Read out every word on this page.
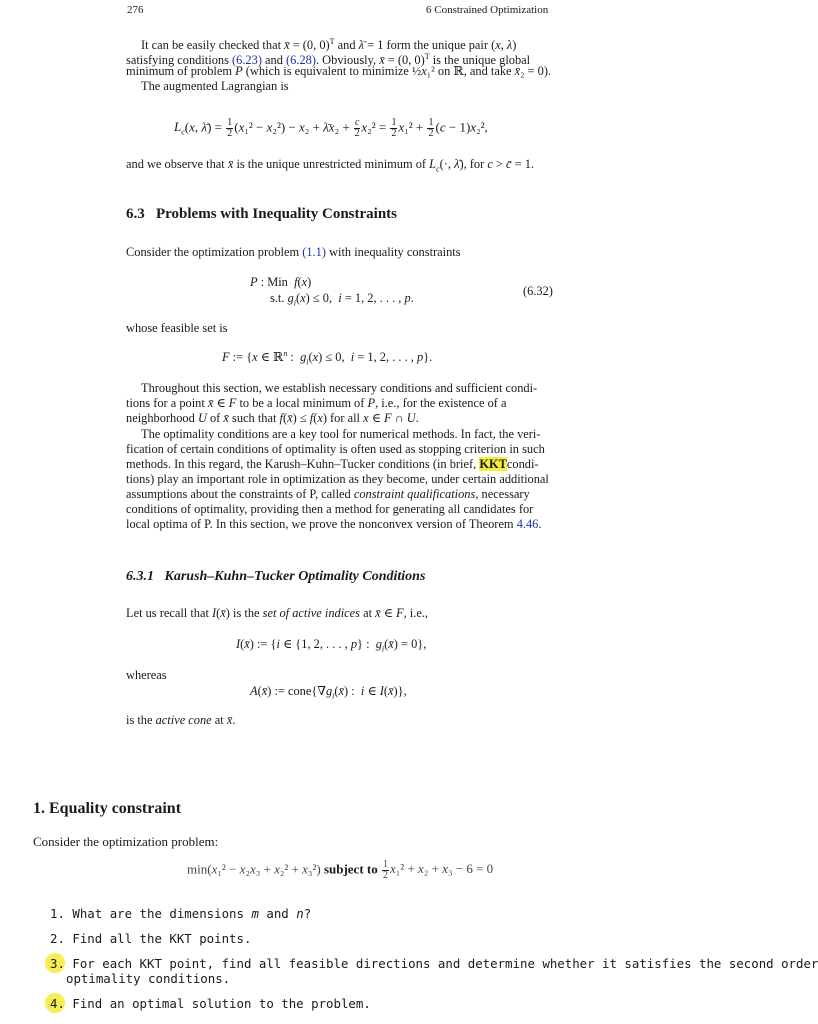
276	6 Constrained Optimization
It can be easily checked that x̄ = (0, 0)$^T$ and λ̄ = 1 form the unique pair (x, λ)
satisfying conditions (6.23) and (6.28). Obviously, x̄ = (0, 0)$^T$ is the unique global
minimum of problem P (which is equivalent to minimize ½x₁² on ℝ, and take x̄₂ = 0).
The augmented Lagrangian is
$L_c(x$, λ̄) = $\frac{1}{2} (x_1^2 - x_2^2) - x_2$ + λ̄x₂ + $\frac{c}{2} x_2^2 = \frac{1}{2} x_1^2 + \frac{1}{2} (c - 1)x_2^2$,
and we observe that x̄ is the unique unrestricted minimum of $L_c(\cdot$, λ̄), for c > c̄ = 1.
6.3 Problems with Inequality Constraints
Consider the optimization problem (1.1) with inequality constraints
P : Min  f(x)
s.t. $g_i(x) \le 0$,  i = 1, 2, . . . , p.	(6.32)
whose feasible set is
F := {x ∈ ℝ$^n$ :  $g_i(x) \le 0$,  i = 1, 2, . . . , p}.
Throughout this section, we establish necessary conditions and sufficient condi-
tions for a point x̄ ∈ F to be a local minimum of P, i.e., for the existence of a
neighborhood U of x̄ such that f(x̄) ≤ f(x) for all x ∈ F ∩ U.
The optimality conditions are a key tool for numerical methods. In fact, the veri-
fication of certain conditions of optimality is often used as stopping criterion in such
methods. In this regard, the Karush–Kuhn–Tucker conditions (in brief, KKTcondi-
tions) play an important role in optimization as they become, under certain additional
assumptions about the constraints of P, called constraint qualifications, necessary
conditions of optimality, providing then a method for generating all candidates for
local optima of P. In this section, we prove the nonconvex version of Theorem 4.46.
6.3.1 Karush–Kuhn–Tucker Optimality Conditions
Let us recall that I(x̄) is the set of active indices at x̄ ∈ F, i.e.,
I(x̄) := {i ∈ {1, 2, . . . , p} :  $g_i(x̄) = 0$},
whereas
A(x̄) := $cone\{\nabla g_i(x̄)$ :  i ∈ I(x̄)},
is the active cone at x̄.
1. Equality constraint
Consider the optimization problem:
min(x₁² − x₂x₃ + x₂² + x₃²) subject to $\frac{1}{2} x_1^2 + x_2 + x_3 - 6 = 0$
1. What are the dimensions m and n?
2. Find all the KKT points.
3. For each KKT point, find all feasible directions and determine whether it satisfies the second order
optimality conditions.
4. Find an optimal solution to the problem.
